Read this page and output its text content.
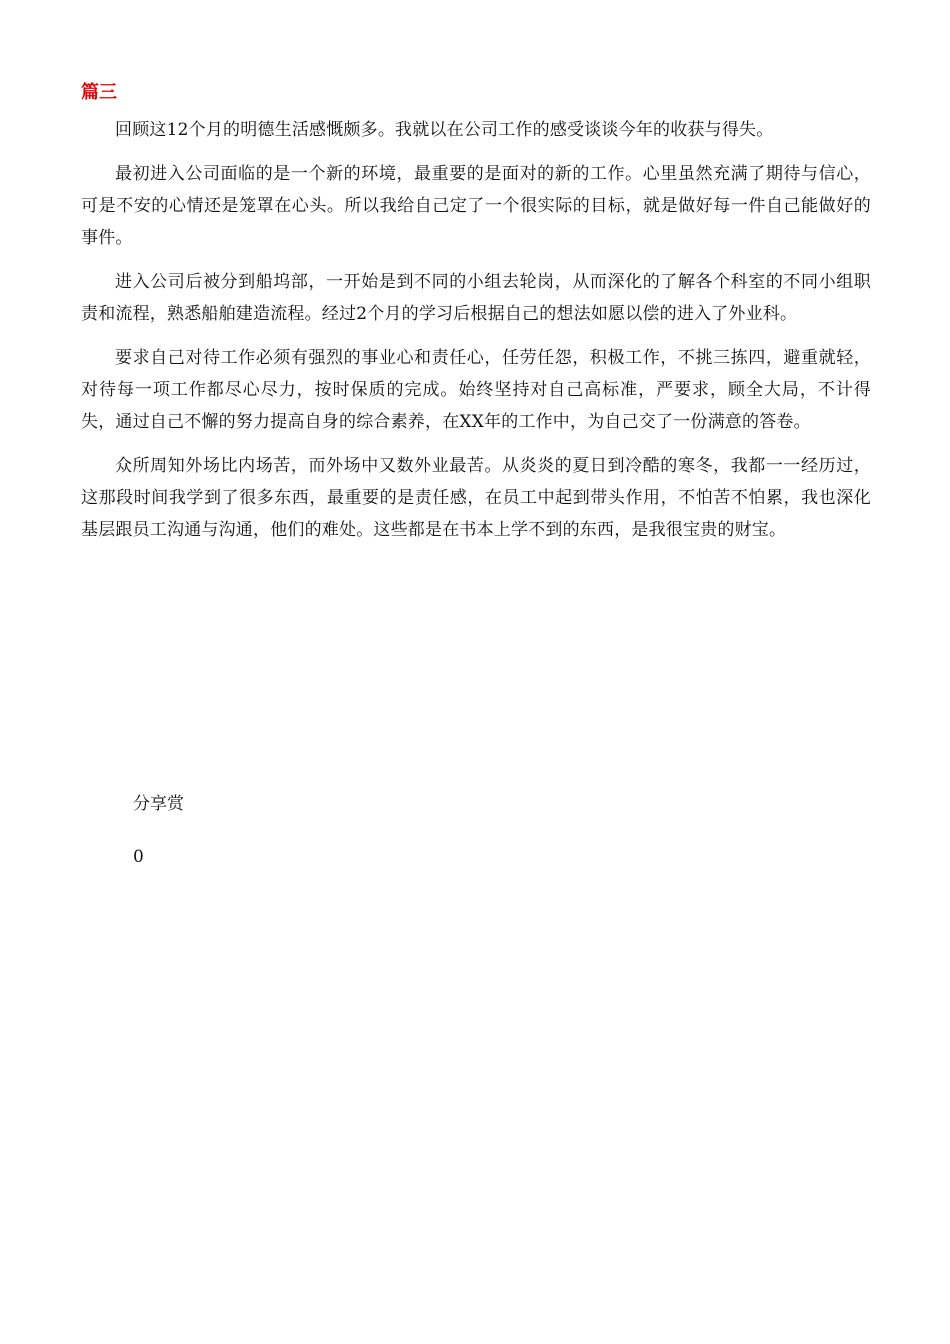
篇三

回顾这12个月的明德生活感慨颇多。我就以在公司工作的感受谈谈今年的收获与得失。

最初进入公司面临的是一个新的环境，最重要的是面对的新的工作。心里虽然充满了期待与信心，可是不安的心情还是笼罩在心头。所以我给自己定了一个很实际的目标，就是做好每一件自己能做好的事件。

进入公司后被分到船坞部，一开始是到不同的小组去轮岗，从而深化的了解各个科室的不同小组职责和流程，熟悉船舶建造流程。经过2个月的学习后根据自己的想法如愿以偿的进入了外业科。

要求自己对待工作必须有强烈的事业心和责任心，任劳任怨，积极工作，不挑三拣四，避重就轻，对待每一项工作都尽心尽力，按时保质的完成。始终坚持对自己高标准，严要求，顾全大局，不计得失，通过自己不懈的努力提高自身的综合素养，在XX年的工作中，为自己交了一份满意的答卷。

众所周知外场比内场苦，而外场中又数外业最苦。从炎炎的夏日到冷酷的寒冬，我都一一经历过，这那段时间我学到了很多东西，最重要的是责任感，在员工中起到带头作用，不怕苦不怕累，我也深化基层跟员工沟通与沟通，他们的难处。这些都是在书本上学不到的东西，是我很宝贵的财宝。

分享赏

0
